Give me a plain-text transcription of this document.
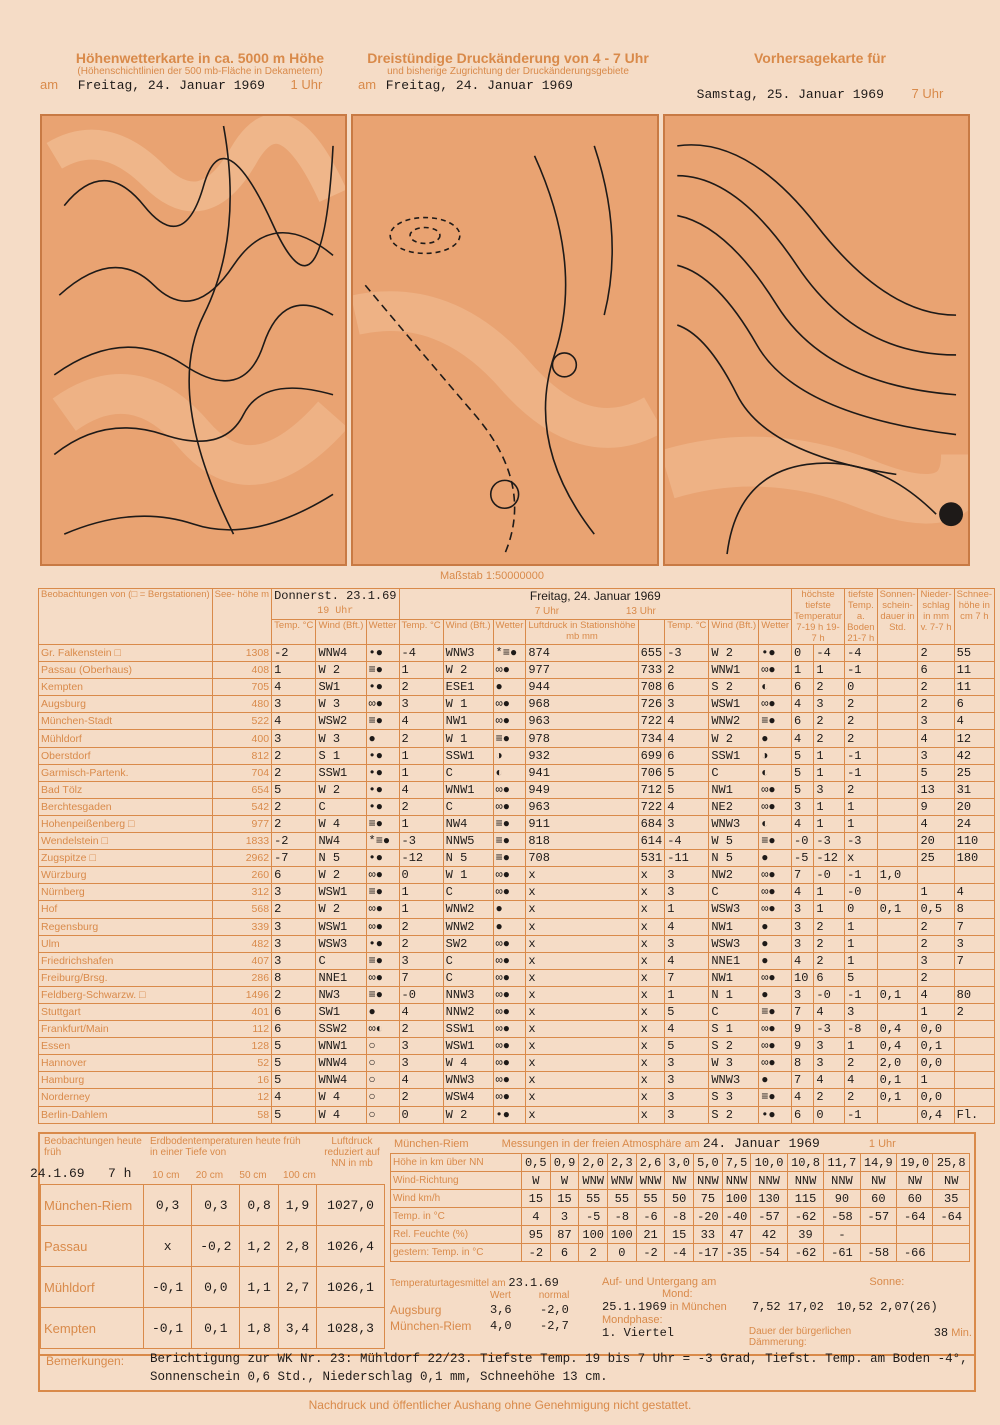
Höhenwetterkarte in ca. 5000 m Höhe
(Höhenschichtlinien der 500 mb-Fläche in Dekametern)
am Freitag, 24. Januar 1969 1 Uhr
Dreistündige Druckänderung von 4 - 7 Uhr
und bisherige Zugrichtung der Druckänderungsgebiete
am Freitag, 24. Januar 1969
Vorhersagekarte für
Samstag, 25. Januar 1969 7 Uhr
Maßstab 1:50000000
Beobachtungen von (□ = Bergstationen)	See- höhe m	Donnerst. 23.1.69
19 Uhr			Freitag, 24. Januar 1969
7 Uhr 13 Uhr								höchste tiefste Temperatur 7-19 h 19-7 h		tiefste Temp. a. Boden 21-7 h	Sonnen- schein- dauer in Std.	Nieder- schlag in mm v. 7-7 h	Schnee- höhe in cm 7 h
		Temp. °C	Wind (Bft.)	Wetter	Temp. °C	Wind (Bft.)	Wetter	Luftdruck in Stationshöhe
mb mm		Temp. °C	Wind (Bft.)	Wetter						
Gr. Falkenstein □	1308	-2	WNW4	•●	-4	WNW3	*≡●	874	655	-3	W 2	•●	0	-4	-4		2	55
Passau (Oberhaus)	408	1	W 2	≡●	1	W 2	∞●	977	733	2	WNW1	∞●	1	1	-1		6	11
Kempten	705	4	SW1	•●	2	ESE1	●	944	708	6	S 2	◐	6	2	0		2	11
Augsburg	480	3	W 3	∞●	3	W 1	∞●	968	726	3	WSW1	∞●	4	3	2		2	6
München-Stadt	522	4	WSW2	≡●	4	NW1	∞●	963	722	4	WNW2	≡●	6	2	2		3	4
Mühldorf	400	3	W 3	●	2	W 1	≡●	978	734	4	W 2	●	4	2	2		4	12
Oberstdorf	812	2	S 1	•●	1	SSW1	◑	932	699	6	SSW1	◑	5	1	-1		3	42
Garmisch-Partenk.	704	2	SSW1	•●	1	C	◐	941	706	5	C	◐	5	1	-1		5	25
Bad Tölz	654	5	W 2	•●	4	WNW1	∞●	949	712	5	NW1	∞●	5	3	2		13	31
Berchtesgaden	542	2	C	•●	2	C	∞●	963	722	4	NE2	∞●	3	1	1		9	20
Hohenpeißenberg □	977	2	W 4	≡●	1	NW4	≡●	911	684	3	WNW3	◐	4	1	1		4	24
Wendelstein □	1833	-2	NW4	*≡●	-3	NNW5	≡●	818	614	-4	W 5	≡●	-0	-3	-3		20	110
Zugspitze □	2962	-7	N 5	•●	-12	N 5	≡●	708	531	-11	N 5	●	-5	-12	x		25	180
Würzburg	260	6	W 2	∞●	0	W 1	∞●	x	x	3	NW2	∞●	7	-0	-1	1,0		
Nürnberg	312	3	WSW1	≡●	1	C	∞●	x	x	3	C	∞●	4	1	-0		1	4
Hof	568	2	W 2	∞●	1	WNW2	●	x	x	1	WSW3	∞●	3	1	0	0,1	0,5	8
Regensburg	339	3	WSW1	∞●	2	WNW2	●	x	x	4	NW1	●	3	2	1		2	7
Ulm	482	3	WSW3	•●	2	SW2	∞●	x	x	3	WSW3	●	3	2	1		2	3
Friedrichshafen	407	3	C	≡●	3	C	∞●	x	x	4	NNE1	●	4	2	1		3	7
Freiburg/Brsg.	286	8	NNE1	∞●	7	C	∞●	x	x	7	NW1	∞●	10	6	5		2	
Feldberg-Schwarzw. □	1496	2	NW3	≡●	-0	NNW3	∞●	x	x	1	N 1	●	3	-0	-1	0,1	4	80
Stuttgart	401	6	SW1	●	4	NNW2	∞●	x	x	5	C	≡●	7	4	3		1	2
Frankfurt/Main	112	6	SSW2	∞◐	2	SSW1	∞●	x	x	4	S 1	∞●	9	-3	-8	0,4	0,0	
Essen	128	5	WNW1	○	3	WSW1	∞●	x	x	5	S 2	∞●	9	3	1	0,4	0,1	
Hannover	52	5	WNW4	○	3	W 4	∞●	x	x	3	W 3	∞●	8	3	2	2,0	0,0	
Hamburg	16	5	WNW4	○	4	WNW3	∞●	x	x	3	WNW3	●	7	4	4	0,1	1	
Norderney	12	4	W 4	○	2	WSW4	∞●	x	x	3	S 3	≡●	4	2	2	0,1	0,0	
Berlin-Dahlem	58	5	W 4	○	0	W 2	•●	x	x	3	S 2	•●	6	0	-1		0,4	Fl.
Beobachtungen heute früh
Erdbodentemperaturen heute früh in einer Tiefe von
Luftdruck reduziert auf NN in mb
24.1.69 7 h 10 cm 20 cm 50 cm 100 cm
München-Riem	0,3	0,3	0,8	1,9	1027,0
Passau	x	-0,2	1,2	2,8	1026,4
Mühldorf	-0,1	0,0	1,1	2,7	1026,1
Kempten	-0,1	0,1	1,8	3,4	1028,3
München-Riem	Messungen in der freien Atmosphäre am 24. Januar 1969	1 Uhr
Höhe in km über NN	0,5	0,9	2,0	2,3	2,6	3,0	5,0	7,5	10,0	10,8	11,7	14,9	19,0	25,8
Wind-Richtung	W	W	WNW	WNW	WNW	NW	NNW	NNW	NNW	NNW	NNW	NW	NW	NW
Wind km/h	15	15	55	55	55	50	75	100	130	115	90	60	60	35
Temp. in °C	4	3	-5	-8	-6	-8	-20	-40	-57	-62	-58	-57	-64	-64
Rel. Feuchte (%)	95	87	100	100	21	15	33	47	42	39	-			
gestern: Temp. in °C	-2	6	2	0	-2	-4	-17	-35	-54	-62	-61	-58	-66	
Temperaturtagesmittel am 23.1.69
Wert	normal
Augsburg	3,6	-2,0
München-Riem	4,0	-2,7
Auf- und Untergang am	Sonne: Mond:
25.1.1969 in München 7,52 17,02 10,52 2,07(26)
Mondphase:
1. Viertel	Dauer der bürgerlichen Dämmerung:
38 Min.
Bemerkungen: Berichtigung zur WK Nr. 23: Mühldorf 22/23. Tiefste Temp. 19 bis 7 Uhr = -3 Grad, Tiefst. Temp. am Boden -4°,
Sonnenschein 0,6 Std., Niederschlag 0,1 mm, Schneehöhe 13 cm.
Nachdruck und öffentlicher Aushang ohne Genehmigung nicht gestattet.
